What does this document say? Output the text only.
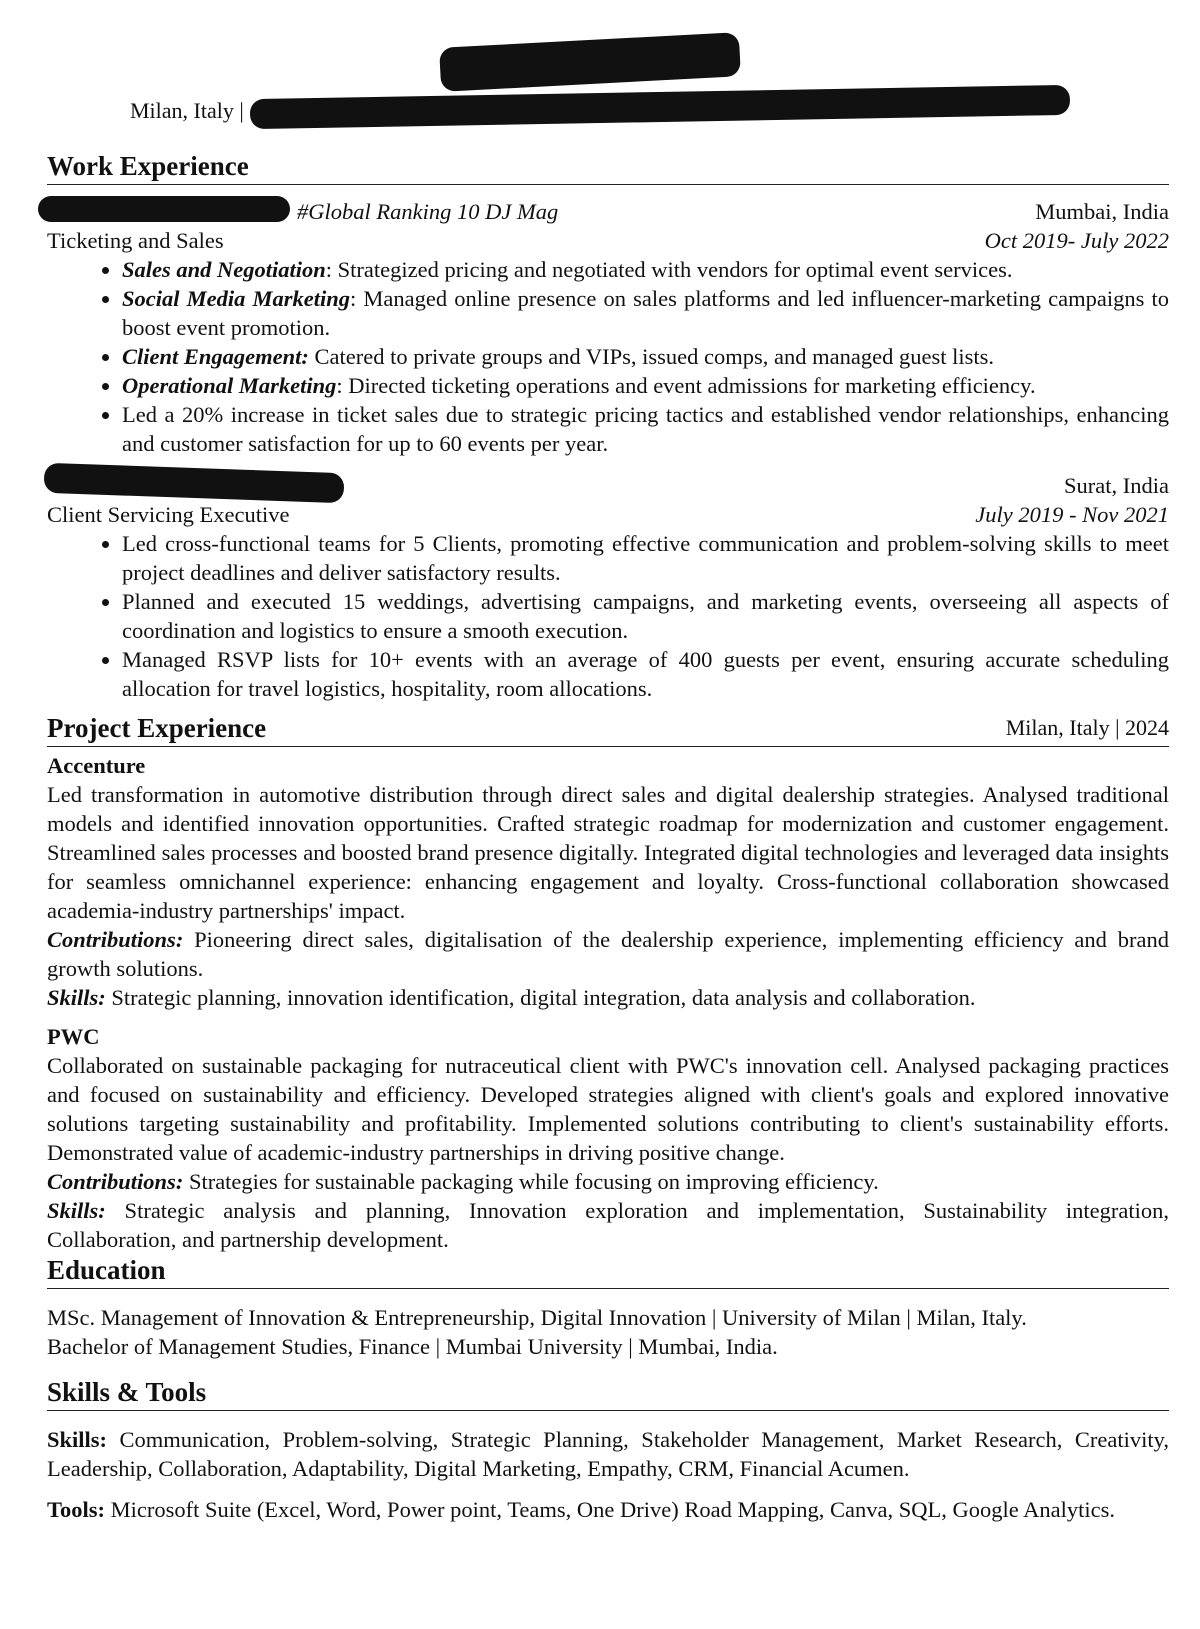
Milan, Italy |
Work Experience
#Global Ranking 10 DJ Mag	Mumbai, India
Ticketing and Sales	Oct 2019- July 2022
• Sales and Negotiation: Strategized pricing and negotiated with vendors for optimal event services.
• Social Media Marketing: Managed online presence on sales platforms and led influencer-marketing campaigns to boost event promotion.
• Client Engagement: Catered to private groups and VIPs, issued comps, and managed guest lists.
• Operational Marketing: Directed ticketing operations and event admissions for marketing efficiency.
• Led a 20% increase in ticket sales due to strategic pricing tactics and established vendor relationships, enhancing and customer satisfaction for up to 60 events per year.

Surat, India
Client Servicing Executive	July 2019 - Nov 2021
• Led cross-functional teams for 5 Clients, promoting effective communication and problem-solving skills to meet project deadlines and deliver satisfactory results.
• Planned and executed 15 weddings, advertising campaigns, and marketing events, overseeing all aspects of coordination and logistics to ensure a smooth execution.
• Managed RSVP lists for 10+ events with an average of 400 guests per event, ensuring accurate scheduling allocation for travel logistics, hospitality, room allocations.
Project Experience	Milan, Italy | 2024
Accenture

Led transformation in automotive distribution through direct sales and digital dealership strategies. Analysed traditional models and identified innovation opportunities. Crafted strategic roadmap for modernization and customer engagement. Streamlined sales processes and boosted brand presence digitally. Integrated digital technologies and leveraged data insights for seamless omnichannel experience: enhancing engagement and loyalty. Cross-functional collaboration showcased academia-industry partnerships' impact.

Contributions: Pioneering direct sales, digitalisation of the dealership experience, implementing efficiency and brand growth solutions.

Skills: Strategic planning, innovation identification, digital integration, data analysis and collaboration.

PWC

Collaborated on sustainable packaging for nutraceutical client with PWC's innovation cell. Analysed packaging practices and focused on sustainability and efficiency. Developed strategies aligned with client's goals and explored innovative solutions targeting sustainability and profitability. Implemented solutions contributing to client's sustainability efforts. Demonstrated value of academic-industry partnerships in driving positive change.

Contributions: Strategies for sustainable packaging while focusing on improving efficiency.

Skills: Strategic analysis and planning, Innovation exploration and implementation, Sustainability integration, Collaboration, and partnership development.

Education
MSc. Management of Innovation & Entrepreneurship, Digital Innovation | University of Milan | Milan, Italy.
Bachelor of Management Studies, Finance | Mumbai University | Mumbai, India.
Skills & Tools

Skills: Communication, Problem-solving, Strategic Planning, Stakeholder Management, Market Research, Creativity, Leadership, Collaboration, Adaptability, Digital Marketing, Empathy, CRM, Financial Acumen.

Tools: Microsoft Suite (Excel, Word, Power point, Teams, One Drive) Road Mapping, Canva, SQL, Google Analytics.
